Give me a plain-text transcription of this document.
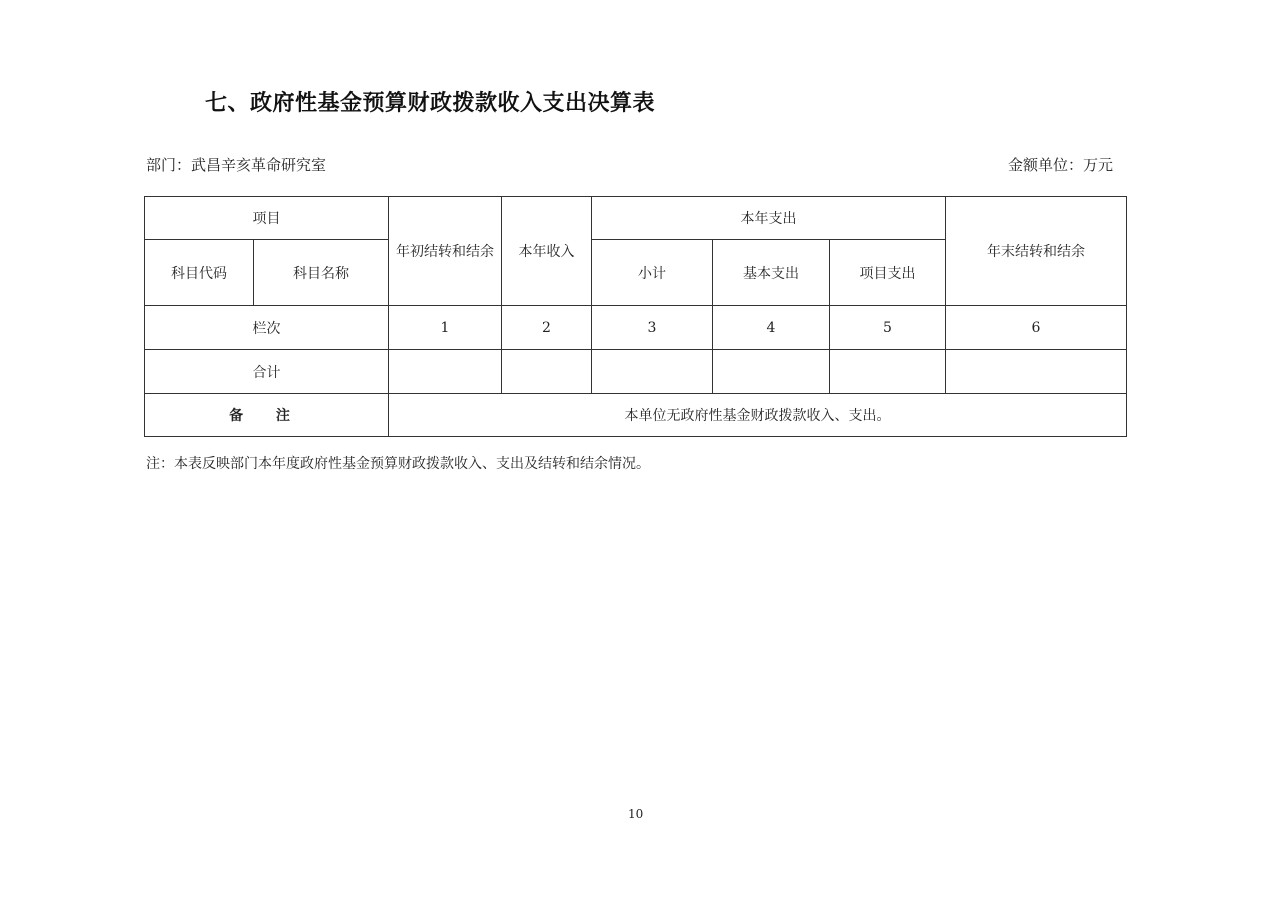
七、政府性基金预算财政拨款收入支出决算表
部门：武昌辛亥革命研究室	金额单位：万元
项目		年初结转和结余	本年收入	本年支出			年末结转和结余
科目代码	科目名称			小计	基本支出	项目支出	
栏次		1	2	3	4	5	6
合计							
备 注		本单位无政府性基金财政拨款收入、支出。					
注：本表反映部门本年度政府性基金预算财政拨款收入、支出及结转和结余情况。
10
